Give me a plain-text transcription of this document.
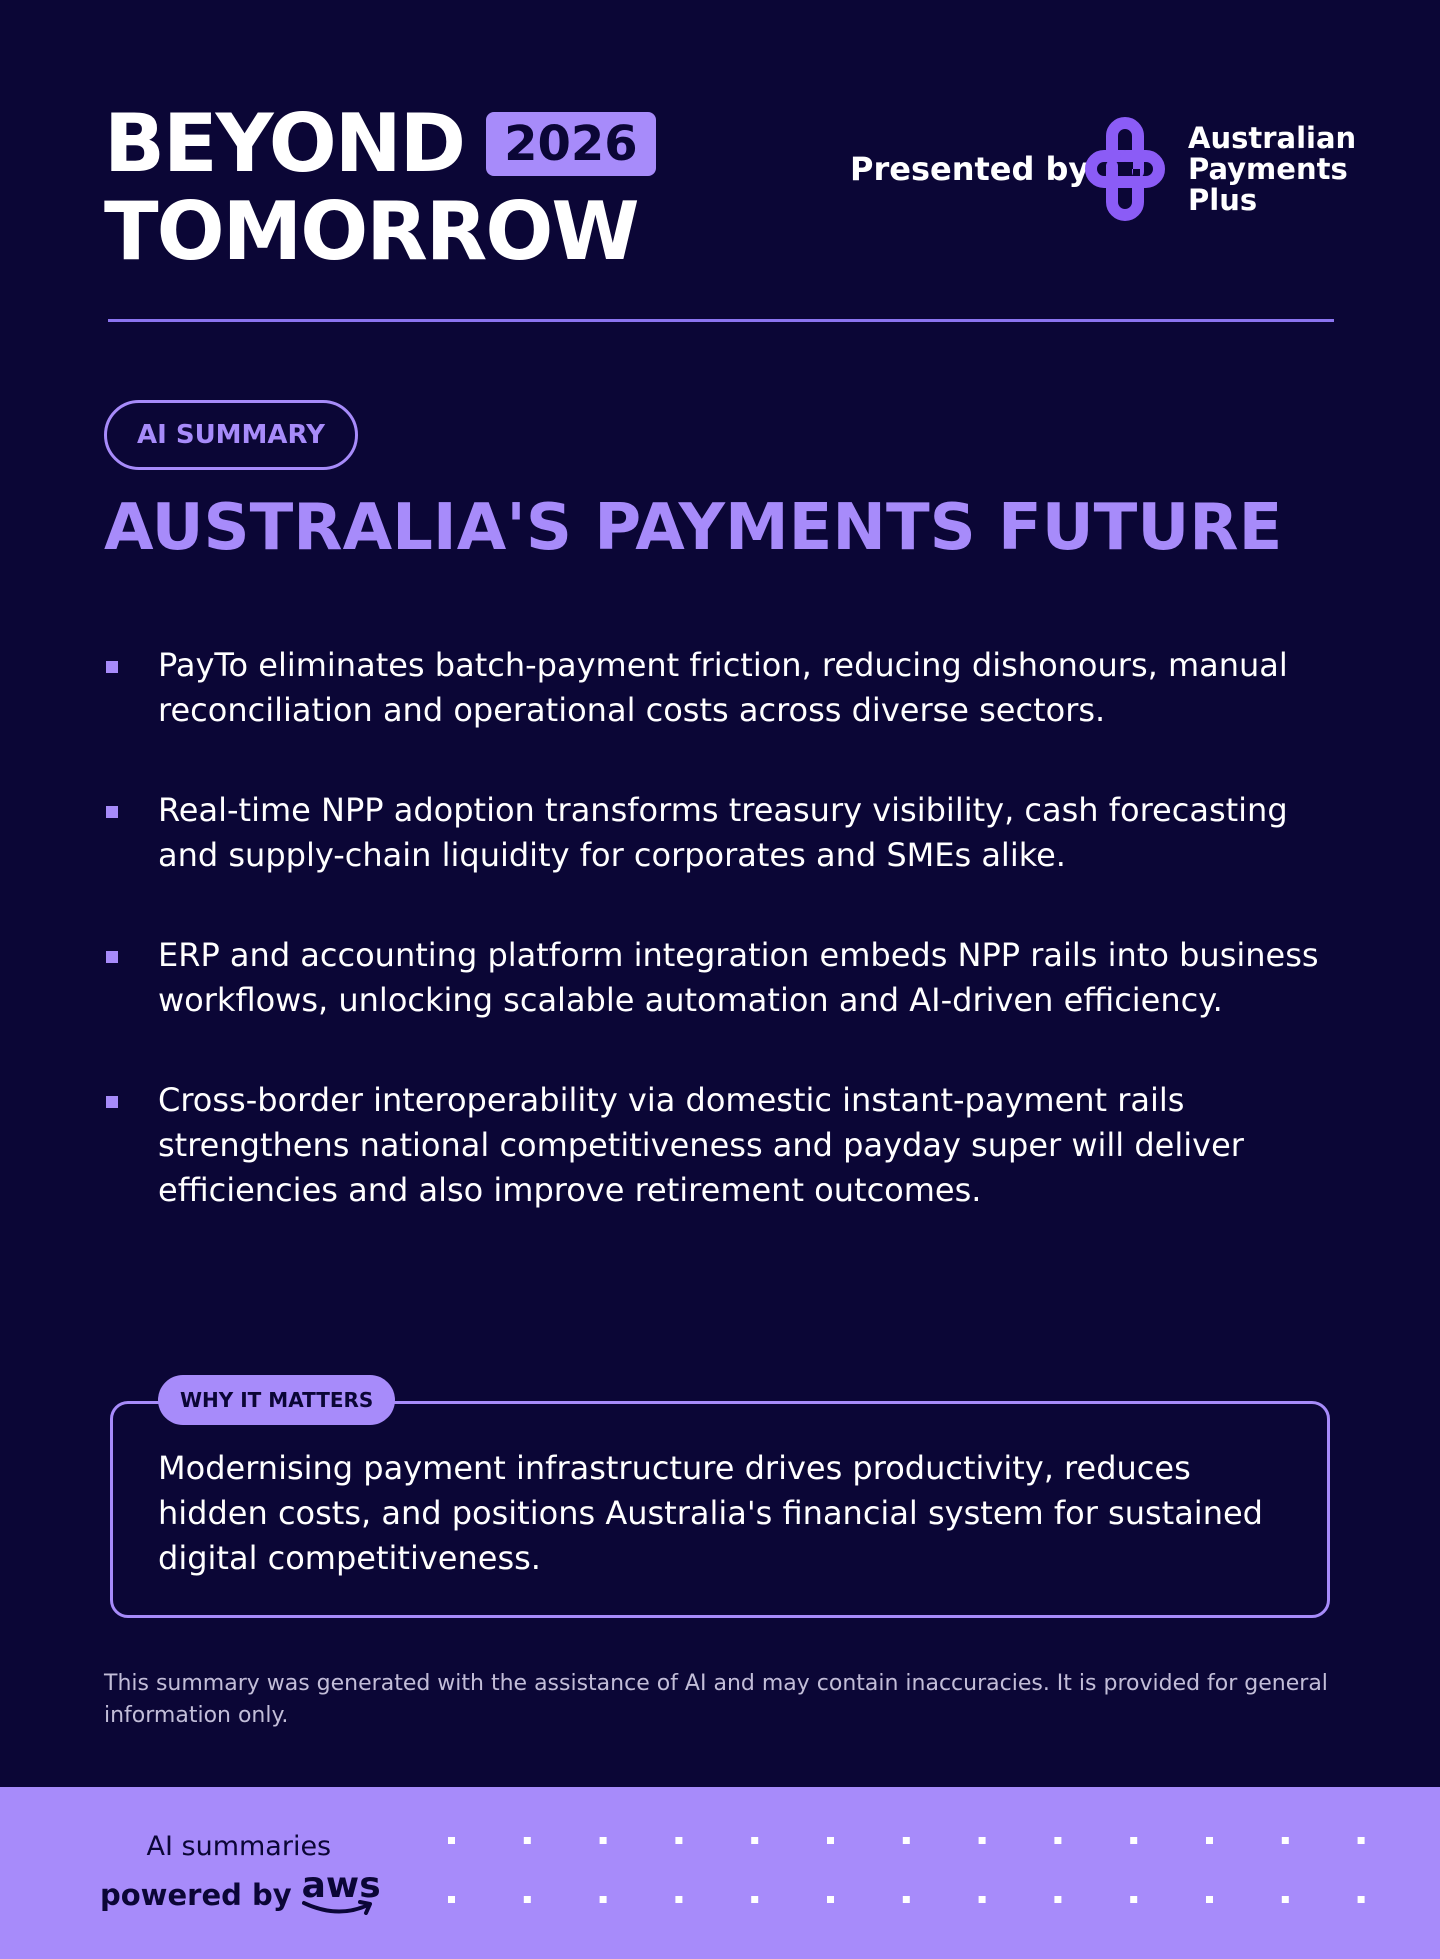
BEYOND 2026
TOMORROW
Presented by
Australian
Payments
Plus
AI SUMMARY
AUSTRALIA'S PAYMENTS FUTURE
PayTo eliminates batch-payment friction, reducing dishonours, manual reconciliation and operational costs across diverse sectors.
Real-time NPP adoption transforms treasury visibility, cash forecasting and supply-chain liquidity for corporates and SMEs alike.
ERP and accounting platform integration embeds NPP rails into business workflows, unlocking scalable automation and AI-driven efficiency.
Cross-border interoperability via domestic instant-payment rails strengthens national competitiveness and payday super will deliver efficiencies and also improve retirement outcomes.
WHY IT MATTERS

Modernising payment infrastructure drives productivity, reduces hidden costs, and positions Australia's financial system for sustained digital competitiveness.

This summary was generated with the assistance of AI and may contain inaccuracies. It is provided for general information only.

AI summaries
powered by aws
